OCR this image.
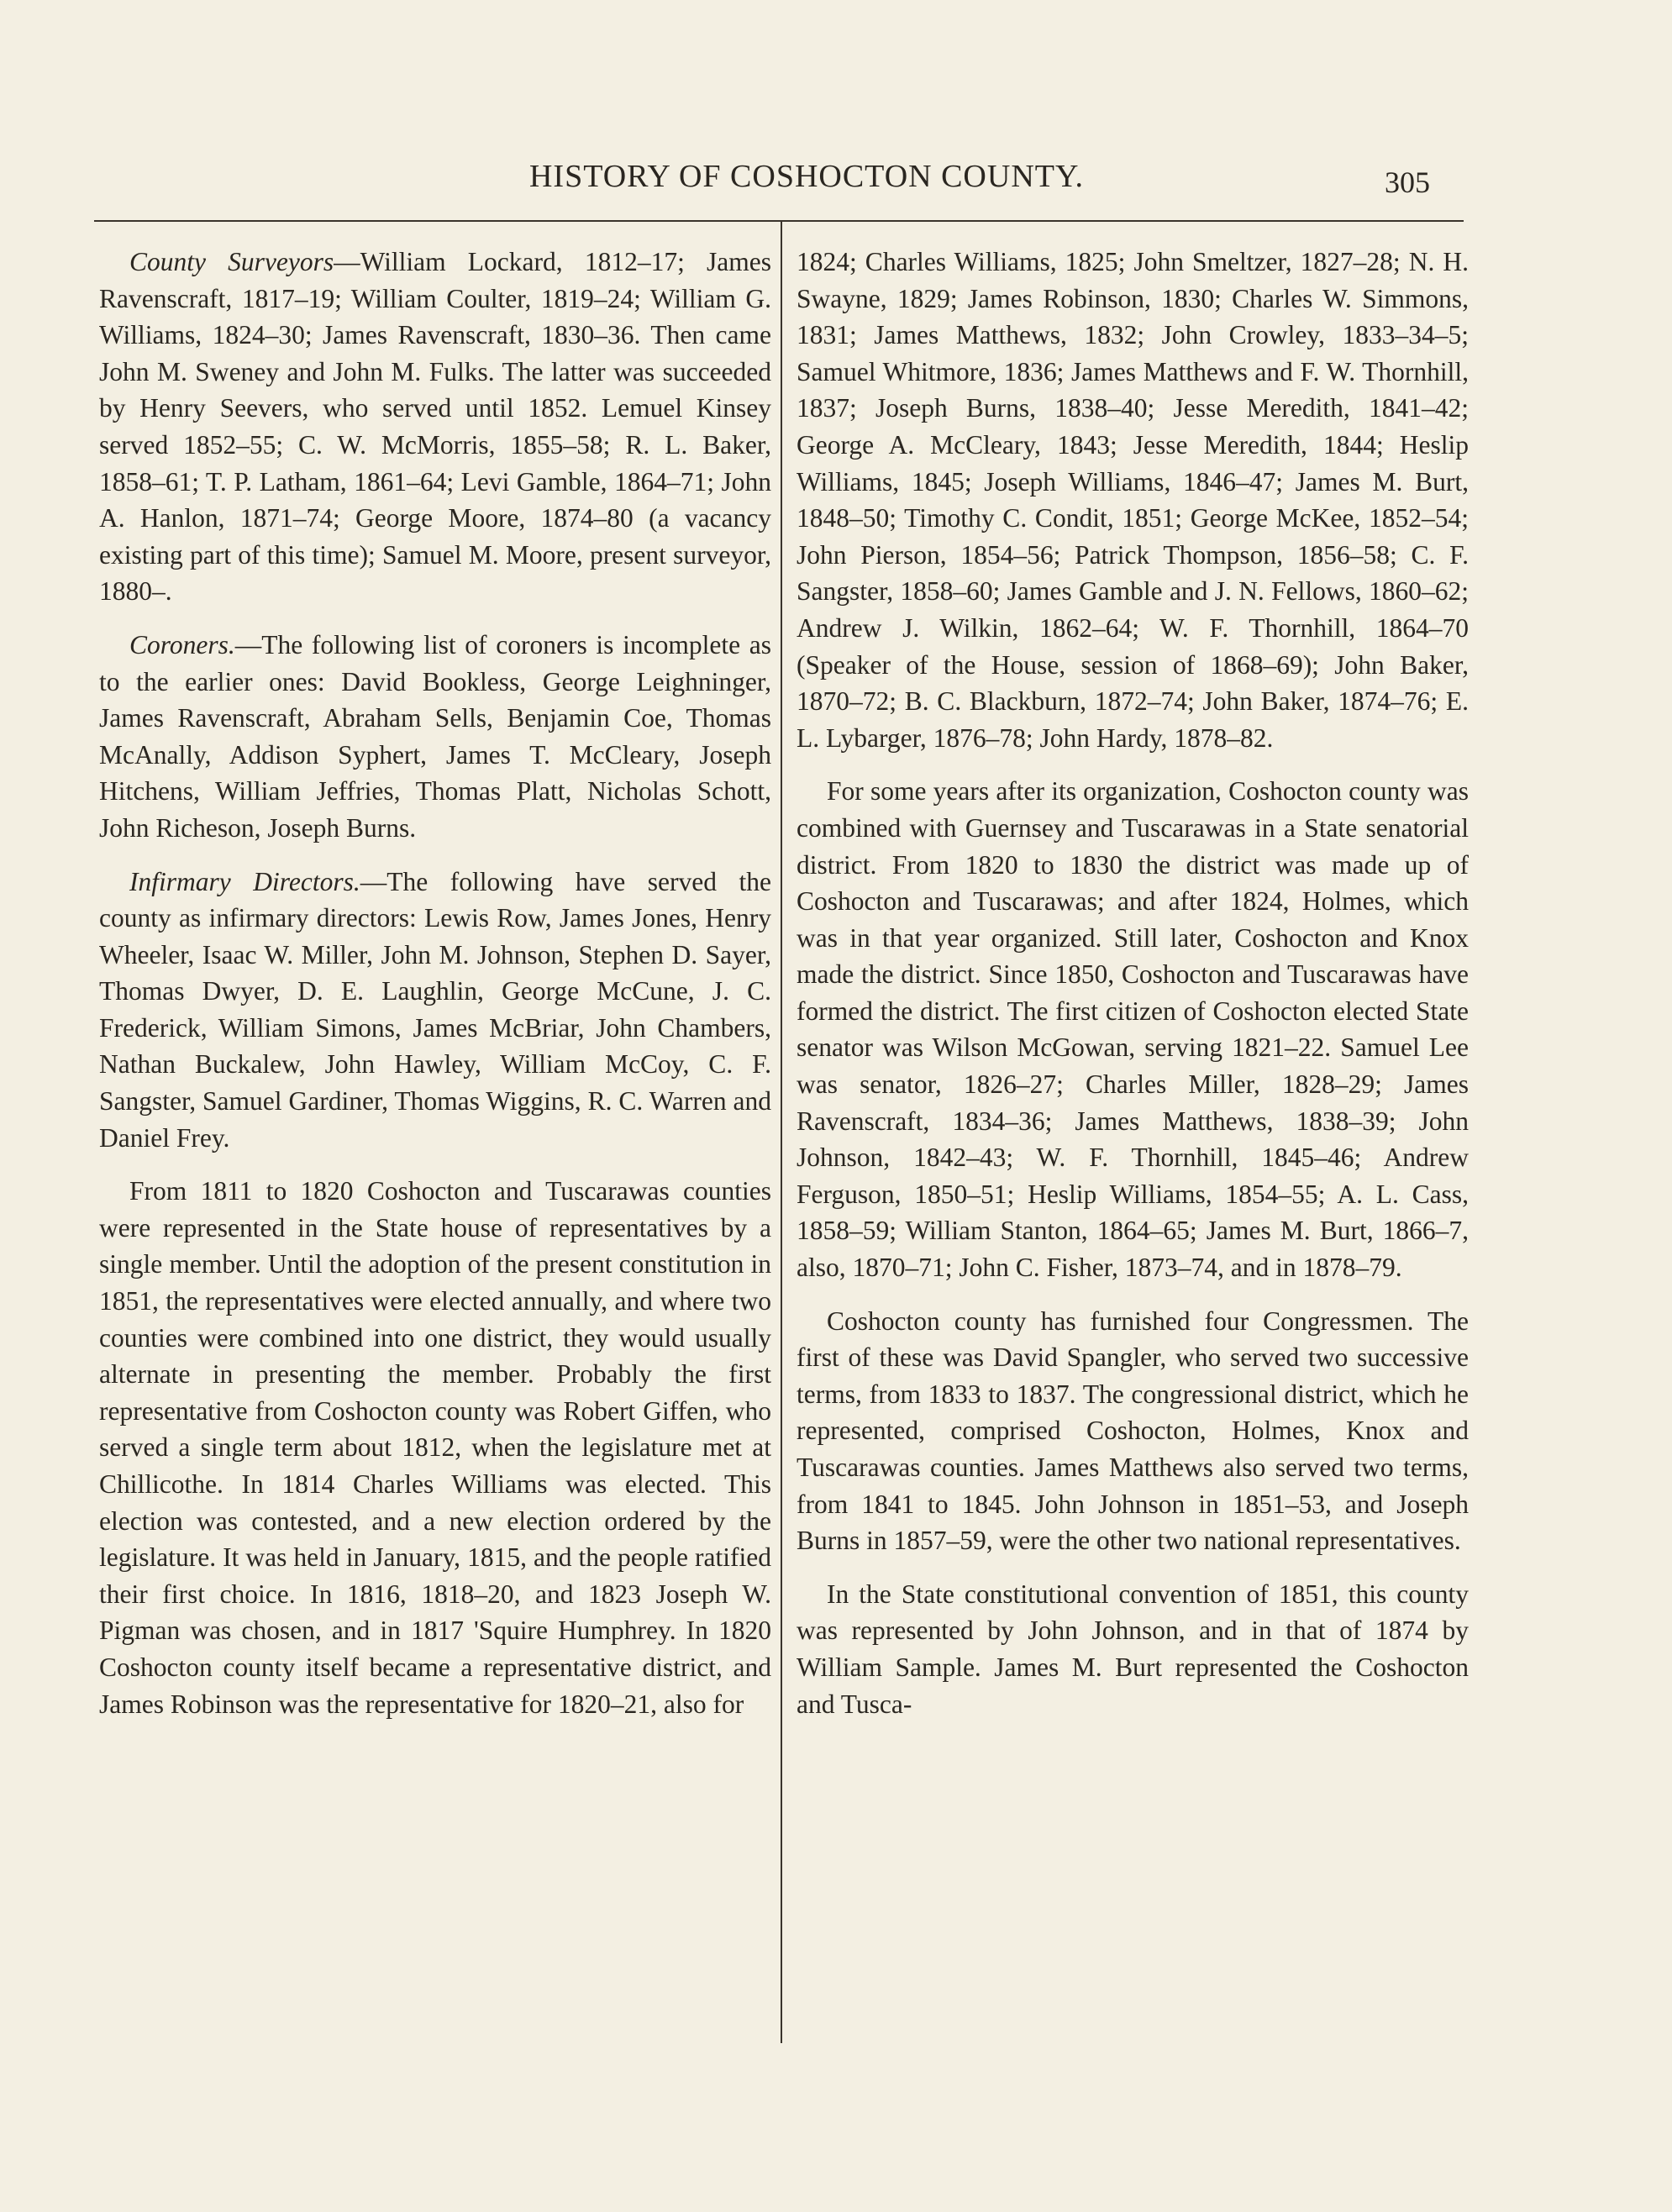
HISTORY OF COSHOCTON COUNTY.	305

County Surveyors—William Lockard, 1812–17; James Ravenscraft, 1817–19; William Coulter, 1819–24; William G. Williams, 1824–30; James Ravenscraft, 1830–36. Then came John M. Sweney and John M. Fulks. The latter was succeeded by Henry Seevers, who served until 1852. Lemuel Kinsey served 1852–55; C. W. McMorris, 1855–58; R. L. Baker, 1858–61; T. P. Latham, 1861–64; Levi Gamble, 1864–71; John A. Hanlon, 1871–74; George Moore, 1874–80 (a vacancy existing part of this time); Samuel M. Moore, present surveyor, 1880–.

Coroners.—The following list of coroners is incomplete as to the earlier ones: David Bookless, George Leighninger, James Ravenscraft, Abraham Sells, Benjamin Coe, Thomas McAnally, Addison Syphert, James T. McCleary, Joseph Hitchens, William Jeffries, Thomas Platt, Nicholas Schott, John Richeson, Joseph Burns.

Infirmary Directors.—The following have served the county as infirmary directors: Lewis Row, James Jones, Henry Wheeler, Isaac W. Miller, John M. Johnson, Stephen D. Sayer, Thomas Dwyer, D. E. Laughlin, George McCune, J. C. Frederick, William Simons, James McBriar, John Chambers, Nathan Buckalew, John Hawley, William McCoy, C. F. Sangster, Samuel Gardiner, Thomas Wiggins, R. C. Warren and Daniel Frey.

From 1811 to 1820 Coshocton and Tuscarawas counties were represented in the State house of representatives by a single member. Until the adoption of the present constitution in 1851, the representatives were elected annually, and where two counties were combined into one district, they would usually alternate in presenting the member. Probably the first representative from Coshocton county was Robert Giffen, who served a single term about 1812, when the legislature met at Chillicothe. In 1814 Charles Williams was elected. This election was contested, and a new election ordered by the legislature. It was held in January, 1815, and the people ratified their first choice. In 1816, 1818–20, and 1823 Joseph W. Pigman was chosen, and in 1817 'Squire Humphrey. In 1820 Coshocton county itself became a representative district, and James Robinson was the representative for 1820–21, also for

1824; Charles Williams, 1825; John Smeltzer, 1827–28; N. H. Swayne, 1829; James Robinson, 1830; Charles W. Simmons, 1831; James Matthews, 1832; John Crowley, 1833–34–5; Samuel Whitmore, 1836; James Matthews and F. W. Thornhill, 1837; Joseph Burns, 1838–40; Jesse Meredith, 1841–42; George A. McCleary, 1843; Jesse Meredith, 1844; Heslip Williams, 1845; Joseph Williams, 1846–47; James M. Burt, 1848–50; Timothy C. Condit, 1851; George McKee, 1852–54; John Pierson, 1854–56; Patrick Thompson, 1856–58; C. F. Sangster, 1858–60; James Gamble and J. N. Fellows, 1860–62; Andrew J. Wilkin, 1862–64; W. F. Thornhill, 1864–70 (Speaker of the House, session of 1868–69); John Baker, 1870–72; B. C. Blackburn, 1872–74; John Baker, 1874–76; E. L. Lybarger, 1876–78; John Hardy, 1878–82.

For some years after its organization, Coshocton county was combined with Guernsey and Tuscarawas in a State senatorial district. From 1820 to 1830 the district was made up of Coshocton and Tuscarawas; and after 1824, Holmes, which was in that year organized. Still later, Coshocton and Knox made the district. Since 1850, Coshocton and Tuscarawas have formed the district. The first citizen of Coshocton elected State senator was Wilson McGowan, serving 1821–22. Samuel Lee was senator, 1826–27; Charles Miller, 1828–29; James Ravenscraft, 1834–36; James Matthews, 1838–39; John Johnson, 1842–43; W. F. Thornhill, 1845–46; Andrew Ferguson, 1850–51; Heslip Williams, 1854–55; A. L. Cass, 1858–59; William Stanton, 1864–65; James M. Burt, 1866–7, also, 1870–71; John C. Fisher, 1873–74, and in 1878–79.

Coshocton county has furnished four Congressmen. The first of these was David Spangler, who served two successive terms, from 1833 to 1837. The congressional district, which he represented, comprised Coshocton, Holmes, Knox and Tuscarawas counties. James Matthews also served two terms, from 1841 to 1845. John Johnson in 1851–53, and Joseph Burns in 1857–59, were the other two national representatives.

In the State constitutional convention of 1851, this county was represented by John Johnson, and in that of 1874 by William Sample. James M. Burt represented the Coshocton and Tusca-
